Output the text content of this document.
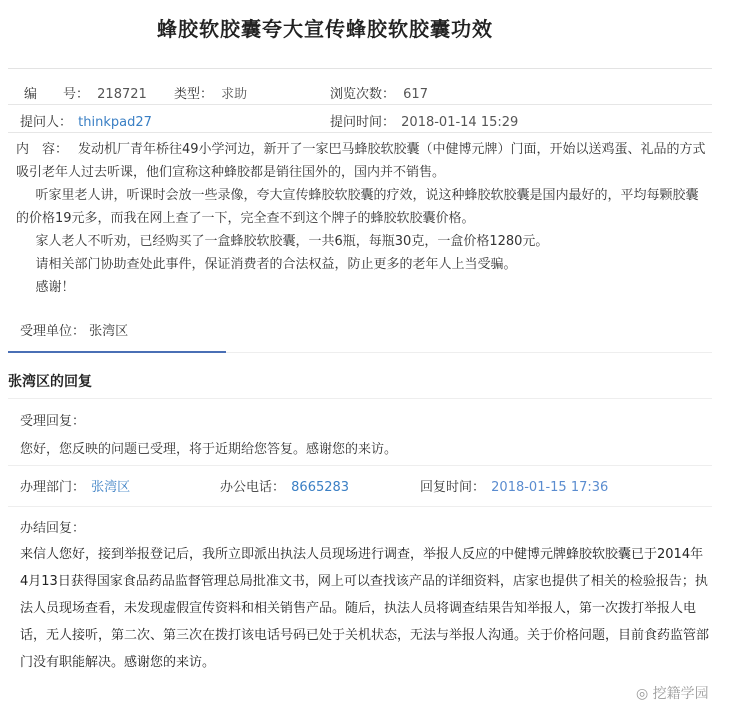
蜂胶软胶囊夸大宣传蜂胶软胶囊功效
编　　号： 218721 类型： 求助	浏览次数： 617
提问人： thinkpad27	提问时间： 2018-01-14 15:29

内　容： 发动机厂青年桥往49小学河边，新开了一家巴马蜂胶软胶囊（中健博元牌）门面，开始以送鸡蛋、礼品的方式吸引老年人过去听课，他们宣称这种蜂胶都是销往国外的，国内并不销售。

听家里老人讲，听课时会放一些录像，夸大宣传蜂胶软胶囊的疗效，说这种蜂胶软胶囊是国内最好的，平均每颗胶囊的价格19元多，而我在网上查了一下，完全查不到这个牌子的蜂胶软胶囊价格。

家人老人不听劝，已经购买了一盒蜂胶软胶囊，一共6瓶，每瓶30克，一盒价格1280元。

请相关部门协助查处此事件，保证消费者的合法权益，防止更多的老年人上当受骗。

感谢！

受理单位： 张湾区
张湾区的回复
受理回复：
您好，您反映的问题已受理，将于近期给您答复。感谢您的来访。
办理部门： 张湾区	办公电话： 8665283	回复时间： 2018-01-15 17:36
办结回复：
来信人您好，接到举报登记后，我所立即派出执法人员现场进行调查，举报人反应的中健博元牌蜂胶软胶囊已于2014年4月13日获得国家食品药品监督管理总局批准文书，网上可以查找该产品的详细资料，店家也提供了相关的检验报告；执法人员现场查看，未发现虚假宣传资料和相关销售产品。随后，执法人员将调查结果告知举报人，第一次拨打举报人电话，无人接听，第二次、第三次在拨打该电话号码已处于关机状态，无法与举报人沟通。关于价格问题，目前食药监管部门没有职能解决。感谢您的来访。
◎ 挖籍学园
